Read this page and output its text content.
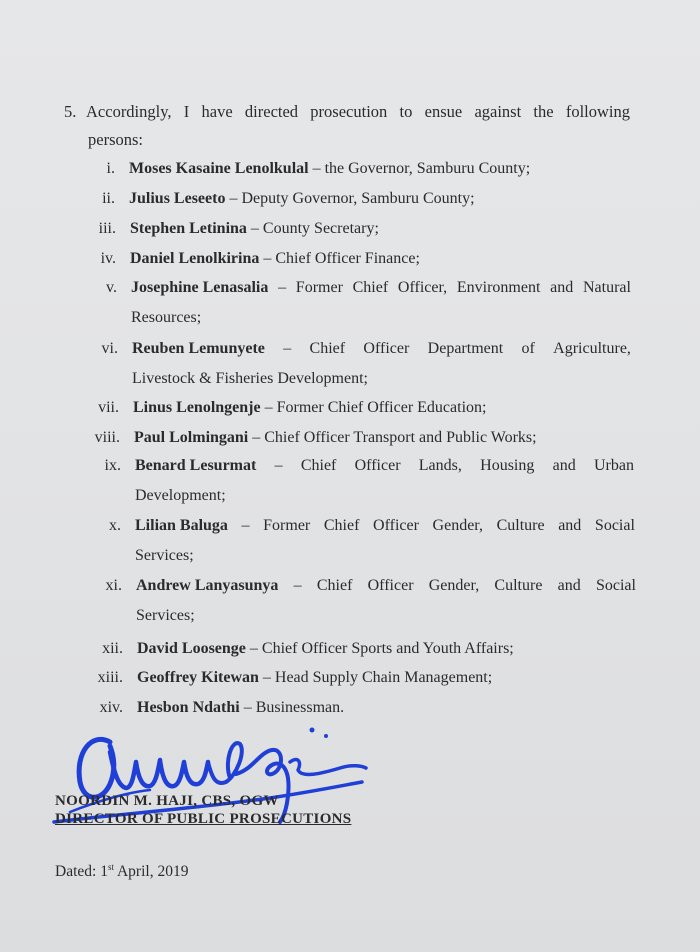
5. Accordingly, I have directed prosecution to ensue against the following
persons:
i. Moses Kasaine Lenolkulal – the Governor, Samburu County;
ii. Julius Leseeto – Deputy Governor, Samburu County;
iii. Stephen Letinina – County Secretary;
iv. Daniel Lenolkirina – Chief Officer Finance;
v. Josephine Lenasalia – Former Chief Officer, Environment and Natural
Resources;
vi. Reuben Lemunyete – Chief Officer Department of Agriculture,
Livestock & Fisheries Development;
vii. Linus Lenolngenje – Former Chief Officer Education;
viii. Paul Lolmingani – Chief Officer Transport and Public Works;
ix. Benard Lesurmat – Chief Officer Lands, Housing and Urban
Development;
x. Lilian Baluga – Former Chief Officer Gender, Culture and Social
Services;
xi. Andrew Lanyasunya – Chief Officer Gender, Culture and Social
Services;
xii. David Loosenge – Chief Officer Sports and Youth Affairs;
xiii. Geoffrey Kitewan – Head Supply Chain Management;
xiv. Hesbon Ndathi – Businessman.
NOORDIN M. HAJI, CBS, OGW
DIRECTOR OF PUBLIC PROSECUTIONS
Dated: 1st April, 2019
